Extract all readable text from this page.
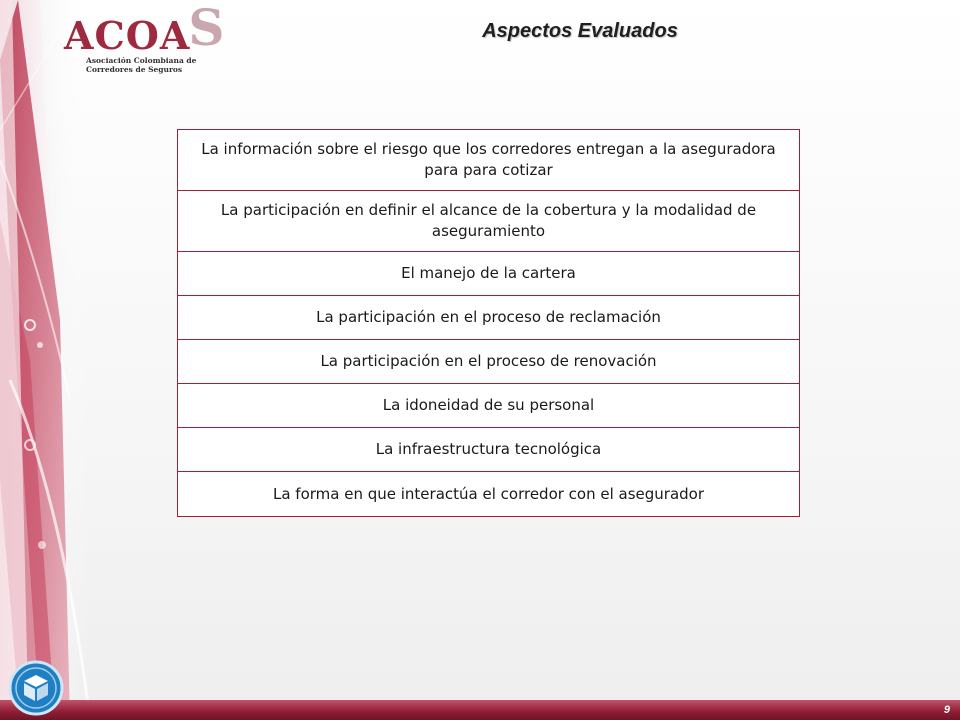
ACOAS
Asociación Colombiana de
Corredores de Seguros
Aspectos Evaluados
La información sobre el riesgo que los corredores entregan a la aseguradora para para cotizar
La participación en definir el alcance de la cobertura y la modalidad de aseguramiento
El manejo de la cartera
La participación en el proceso de reclamación
La participación en el proceso de renovación
La idoneidad de su personal
La infraestructura tecnológica
La forma en que interactúa el corredor con el asegurador
9
